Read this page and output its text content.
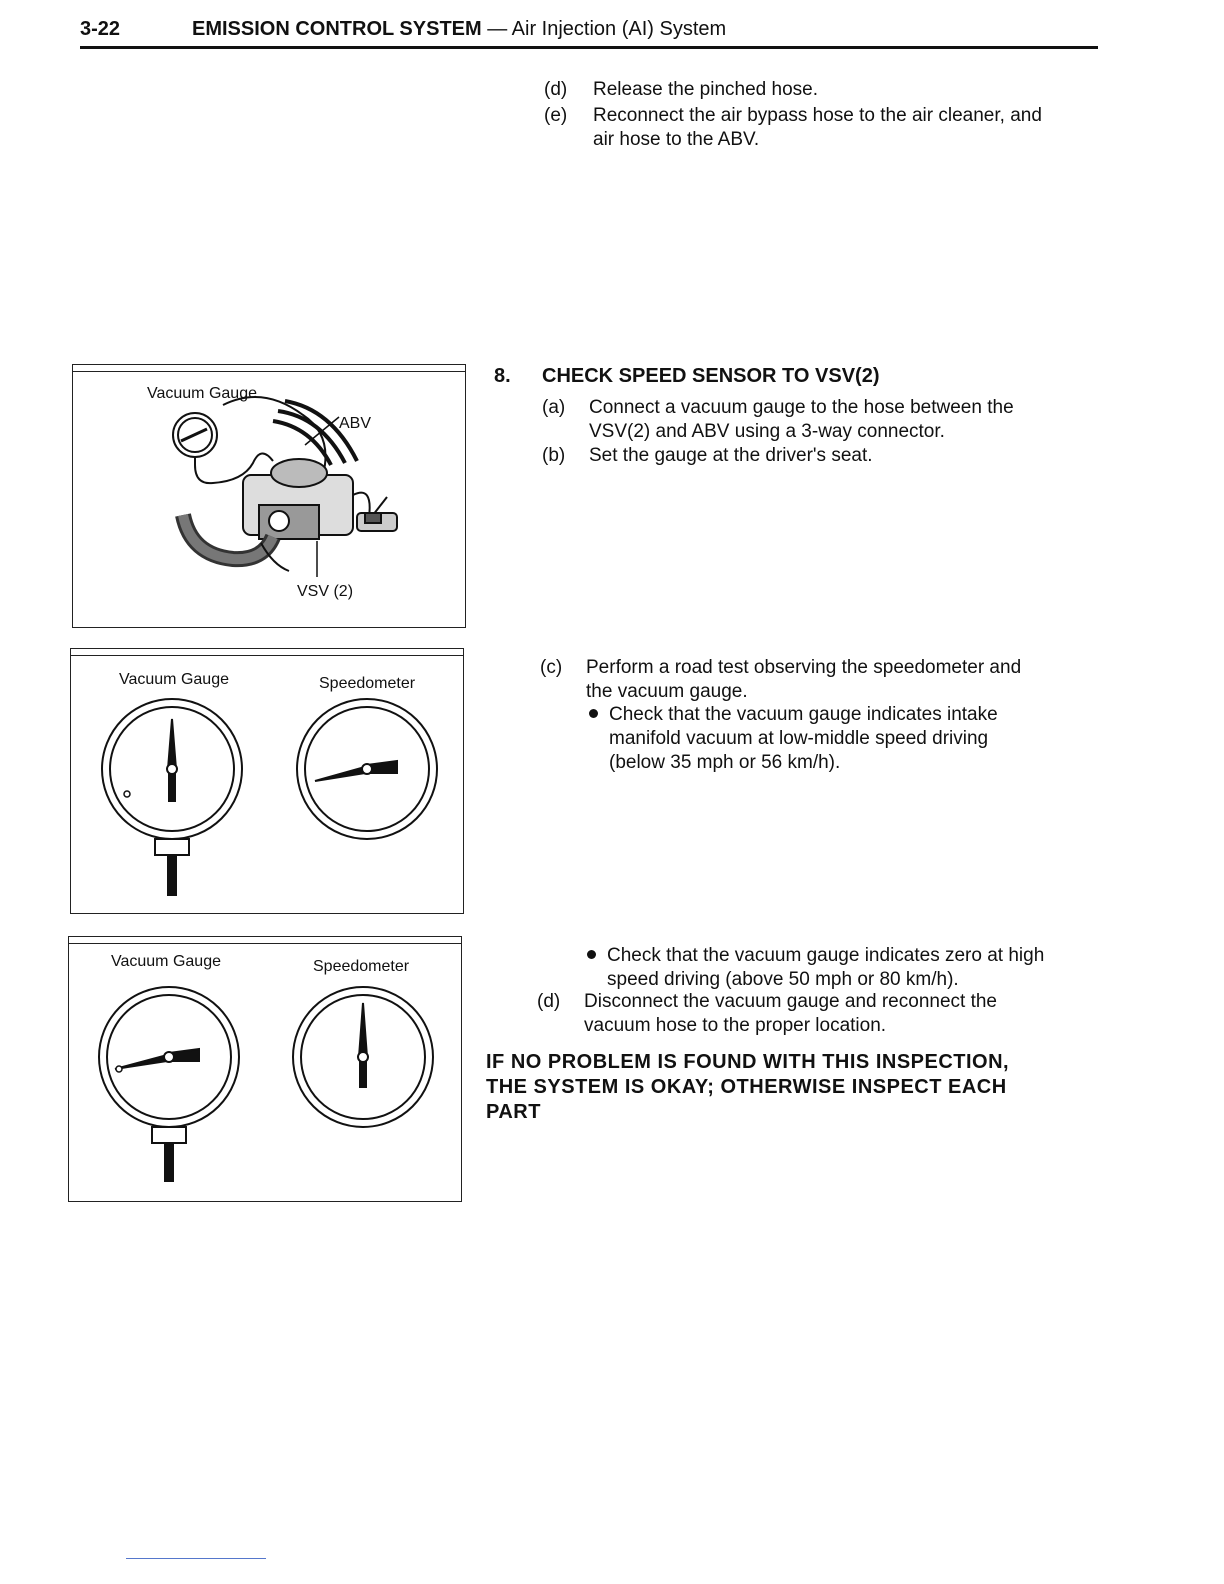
3-22	EMISSION CONTROL SYSTEM — Air Injection (AI) System
(d) Release the pinched hose.
(e) Reconnect the air bypass hose to the air cleaner, and
air hose to the ABV.
Vacuum Gauge
ABV
VSV (2)
8. CHECK SPEED SENSOR TO VSV(2)
(a) Connect a vacuum gauge to the hose between the
VSV(2) and ABV using a 3-way connector.
(b) Set the gauge at the driver's seat.
Vacuum Gauge	Speedometer
(c) Perform a road test observing the speedometer and
the vacuum gauge.
Check that the vacuum gauge indicates intake
manifold vacuum at low-middle speed driving
(below 35 mph or 56 km/h).
Vacuum Gauge	Speedometer
Check that the vacuum gauge indicates zero at high
speed driving (above 50 mph or 80 km/h).
(d) Disconnect the vacuum gauge and reconnect the
vacuum hose to the proper location.
IF NO PROBLEM IS FOUND WITH THIS INSPECTION,
THE SYSTEM IS OKAY; OTHERWISE INSPECT EACH
PART
